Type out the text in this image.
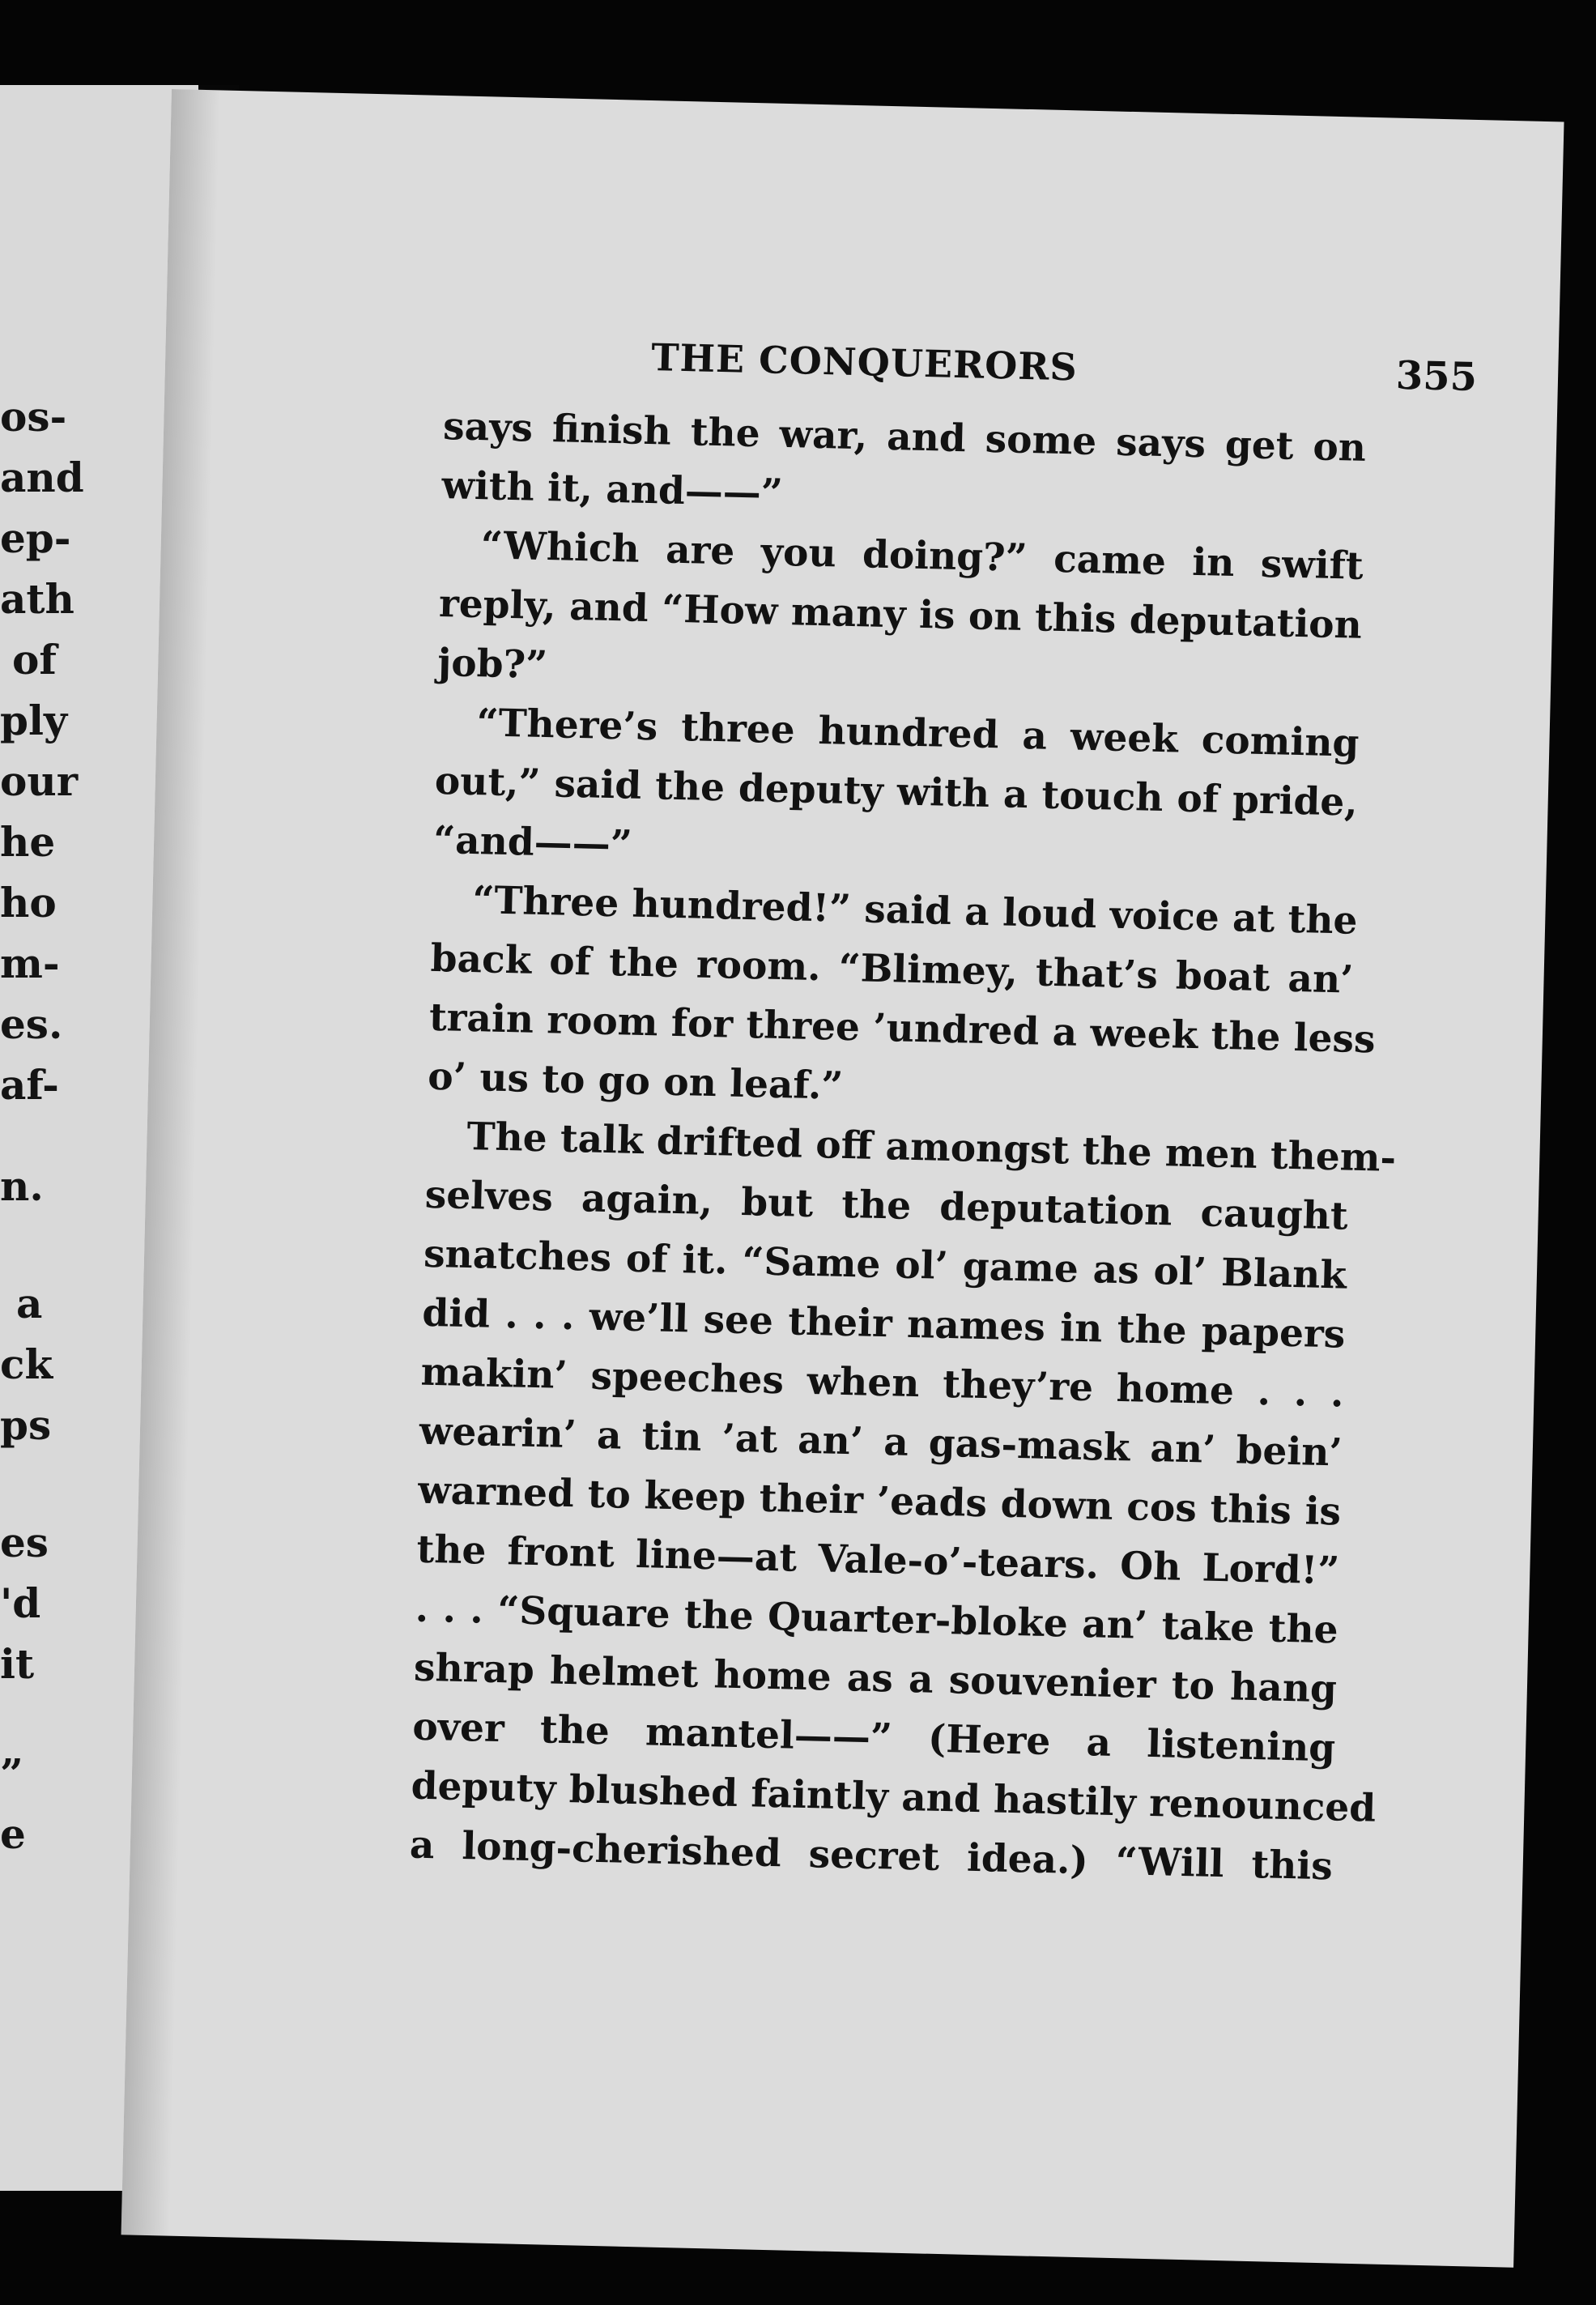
os-
and
ep-
ath
of
ply
our
he
ho
m-
es.
af-
n.
a
ck
ps
es
'd
it
”
e
THE CONQUERORS	355
says finish the war, and some says get on
with it, and——”
“Which are you doing?” came in swift
reply, and “How many is on this deputation
job?”
“There’s three hundred a week coming
out,” said the deputy with a touch of pride,
“and——”
“Three hundred!” said a loud voice at the
back of the room. “Blimey, that’s boat an’
train room for three ’undred a week the less
o’ us to go on leaf.”
The talk drifted off amongst the men them-
selves again, but the deputation caught
snatches of it. “Same ol’ game as ol’ Blank
did . . . we’ll see their names in the papers
makin’ speeches when they’re home . . .
wearin’ a tin ’at an’ a gas-mask an’ bein’
warned to keep their ’eads down cos this is
the front line—at Vale-o’-tears. Oh Lord!”
. . . “Square the Quarter-bloke an’ take the
shrap helmet home as a souvenier to hang
over the mantel——” (Here a listening
deputy blushed faintly and hastily renounced
a long-cherished secret idea.) “Will this
